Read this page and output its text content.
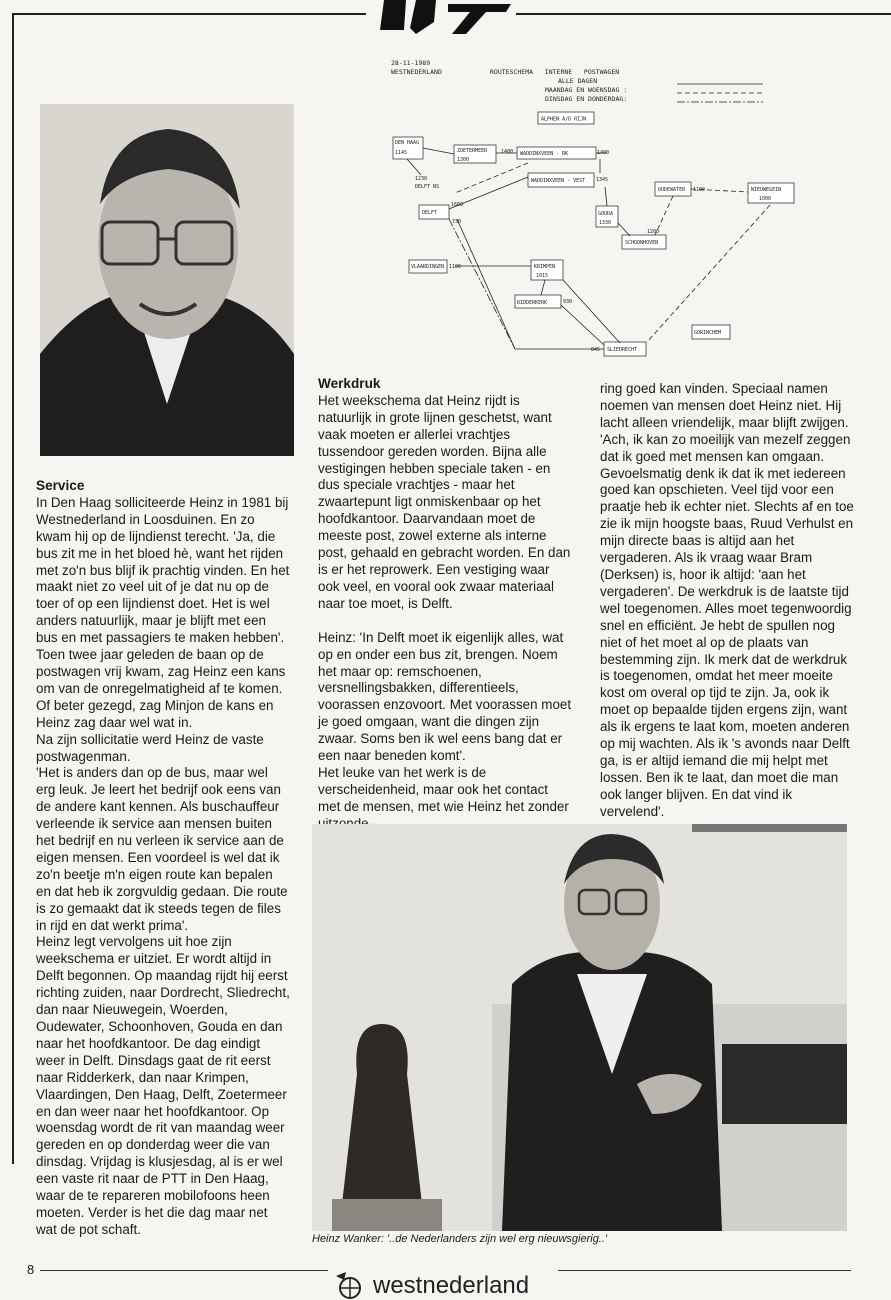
28-11-1989
WESTNEDERLAND	ROUTESCHEMA   INTERNE   POSTWAGEN
ALLE DAGEN
MAANDAG EN WOENSDAG :
DINSDAG EN DONDERDAG:
ALPHEN A/D RIJN
DEN HAAG
1145	ZOETERMEER
1300
1230
DELFT NS
WADDINXVEEN - RK
1400	1400
WADDINXVEEN - VEST 1345
DELFT
1600
730
GOUDA
1330
OUDEWATER 1100	NIEUWEGEIN
1000
1200
SCHOONHOVEN
VLAARDINGEN 1100	KRIMPEN
1015
RIDDERKERK	930
GORINCHEM
845 SLIEDRECHT

Service

In Den Haag solliciteerde Heinz in 1981 bij Westnederland in Loosduinen. En zo kwam hij op de lijndienst terecht. 'Ja, die bus zit me in het bloed hè, want het rijden met zo'n bus blijf ik prachtig vinden. En het maakt niet zo veel uit of je dat nu op de toer of op een lijndienst doet. Het is wel anders natuurlijk, maar je blijft met een bus en met passagiers te maken hebben'.

Toen twee jaar geleden de baan op de postwagen vrij kwam, zag Heinz een kans om van de onregelmatigheid af te komen. Of beter gezegd, zag Minjon de kans en Heinz zag daar wel wat in.

Na zijn sollicitatie werd Heinz de vaste postwagenman.

'Het is anders dan op de bus, maar wel erg leuk. Je leert het bedrijf ook eens van de andere kant kennen. Als buschauffeur verleende ik service aan mensen buiten het bedrijf en nu verleen ik service aan de eigen mensen. Een voordeel is wel dat ik zo'n beetje m'n eigen route kan bepalen en dat heb ik zorgvuldig gedaan. Die route is zo gemaakt dat ik steeds tegen de files in rijd en dat werkt prima'.

Heinz legt vervolgens uit hoe zijn weekschema er uitziet. Er wordt altijd in Delft begonnen. Op maandag rijdt hij eerst richting zuiden, naar Dordrecht, Sliedrecht, dan naar Nieuwegein, Woerden, Oudewater, Schoonhoven, Gouda en dan naar het hoofdkantoor. De dag eindigt weer in Delft. Dinsdags gaat de rit eerst naar Ridderkerk, dan naar Krimpen, Vlaardingen, Den Haag, Delft, Zoetermeer en dan weer naar het hoofdkantoor. Op woensdag wordt de rit van maandag weer gereden en op donderdag weer die van dinsdag. Vrijdag is klusjesdag, al is er wel een vaste rit naar de PTT in Den Haag, waar de te repareren mobilofoons heen moeten. Verder is het die dag maar net wat de pot schaft.

Werkdruk

Het weekschema dat Heinz rijdt is natuurlijk in grote lijnen geschetst, want vaak moeten er allerlei vrachtjes tussendoor gereden worden. Bijna alle vestigingen hebben speciale taken - en dus speciale vrachtjes - maar het zwaartepunt ligt onmiskenbaar op het hoofdkantoor. Daarvandaan moet de meeste post, zowel externe als interne post, gehaald en gebracht worden. En dan is er het reprowerk. Een vestiging waar ook veel, en vooral ook zwaar materiaal naar toe moet, is Delft.

Heinz: 'In Delft moet ik eigenlijk alles, wat op en onder een bus zit, brengen. Noem het maar op: remschoenen, versnellingsbakken, differentieels, voorassen enzovoort. Met voorassen moet je goed omgaan, want die dingen zijn zwaar. Soms ben ik wel eens bang dat er een naar beneden komt'.

Het leuke van het werk is de verscheidenheid, maar ook het contact met de mensen, met wie Heinz het zonder

ring goed kan vinden. Speciaal namen noemen van mensen doet Heinz niet. Hij lacht alleen vriendelijk, maar blijft zwijgen. 'Ach, ik kan zo moeilijk van mezelf zeggen dat ik goed met mensen kan omgaan. Gevoelsmatig denk ik dat ik met iedereen goed kan opschieten. Veel tijd voor een praatje heb ik echter niet. Slechts af en toe zie ik mijn hoogste baas, Ruud Verhulst en mijn directe baas is altijd aan het vergaderen. Als ik vraag waar Bram (Derksen) is, hoor ik altijd: 'aan het vergaderen'. De werkdruk is de laatste tijd wel toegenomen. Alles moet tegenwoordig snel en efficiënt. Je hebt de spullen nog niet of het moet al op de plaats van bestemming zijn. Ik merk dat de werkdruk is toegenomen, omdat het meer moeite kost om overal op tijd te zijn. Ja, ook ik moet op bepaalde tijden ergens zijn, want als ik ergens te laat kom, moeten anderen op mij wachten. Als ik 's avonds naar Delft ga, is er altijd iemand die mij helpt met lossen. Ben ik te laat, dan moet die man ook langer blijven. En dat vind ik vervelend'.

Heinz Wanker: '..de Nederlanders zijn wel erg nieuwsgierig..'
8
westnederland
